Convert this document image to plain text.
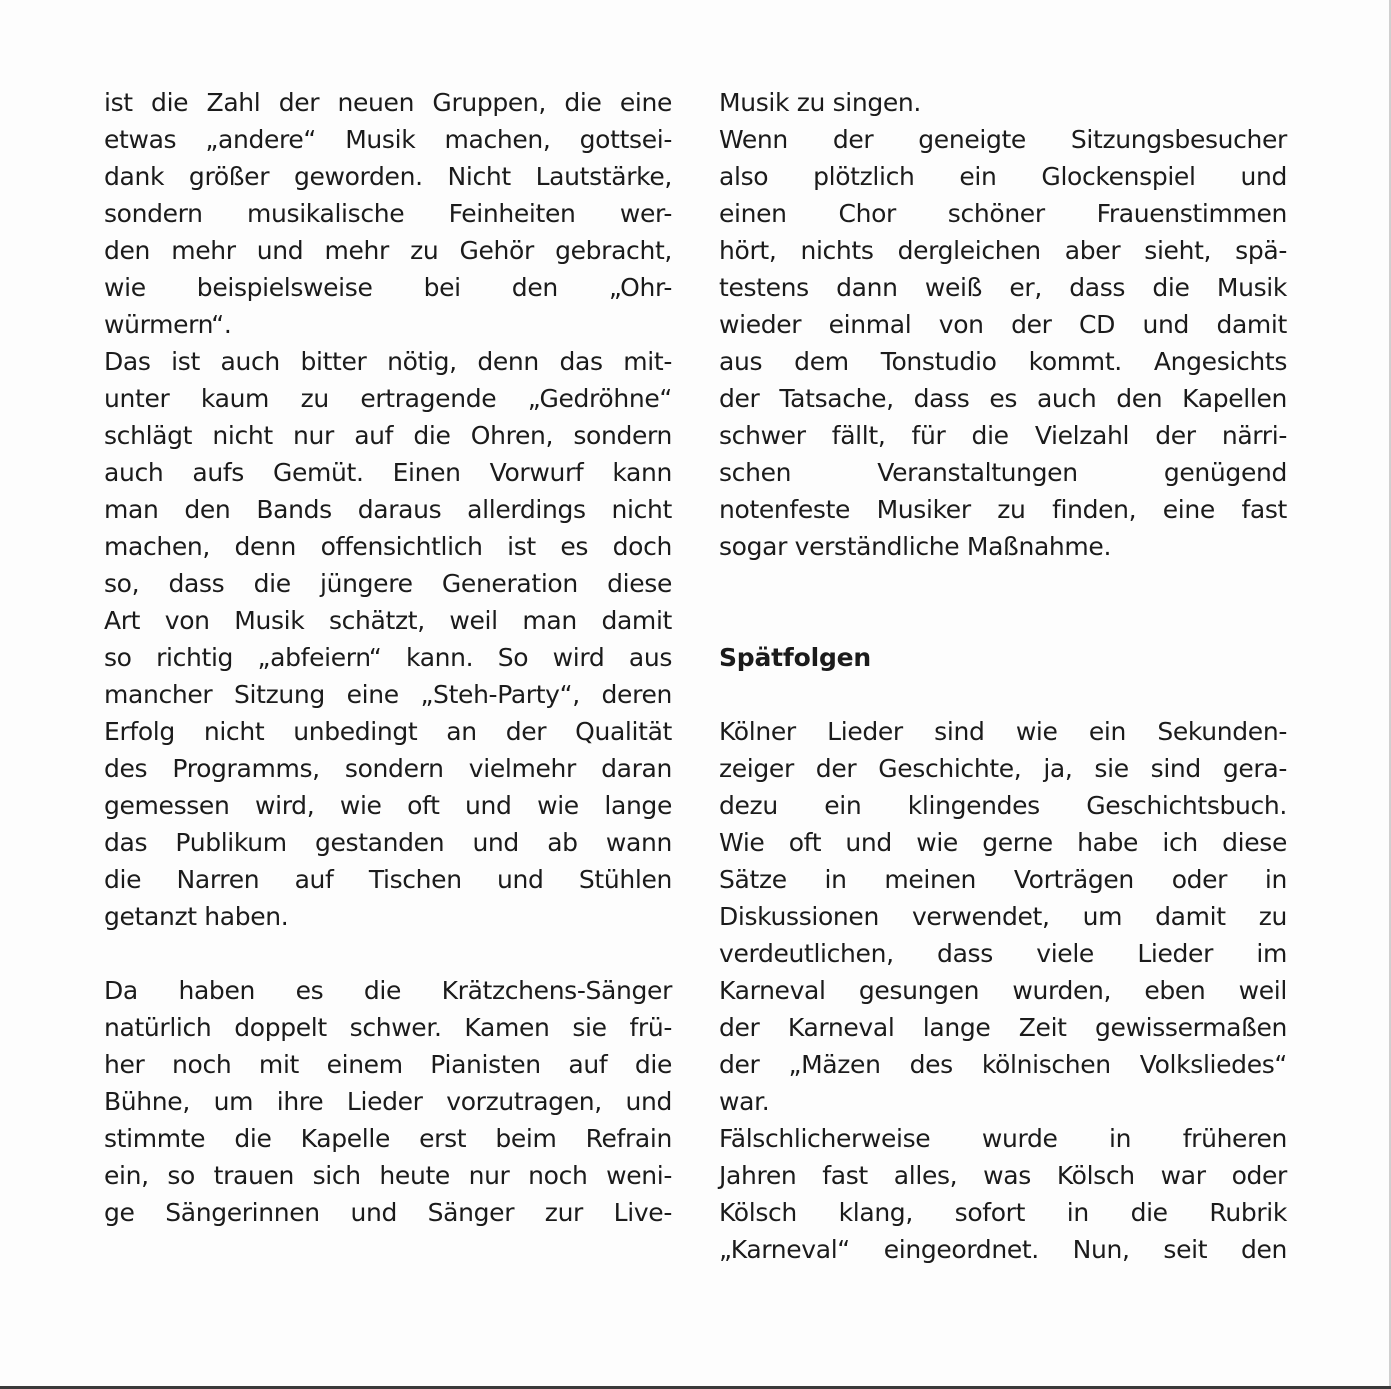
ist die Zahl der neuen Gruppen, die eine

etwas „andere“ Musik machen, gottsei-

dank größer geworden. Nicht Lautstärke,

sondern musikalische Feinheiten wer-

den mehr und mehr zu Gehör gebracht,

wie beispielsweise bei den „Ohr-

würmern“.

Das ist auch bitter nötig, denn das mit-

unter kaum zu ertragende „Gedröhne“

schlägt nicht nur auf die Ohren, sondern

auch aufs Gemüt. Einen Vorwurf kann

man den Bands daraus allerdings nicht

machen, denn offensichtlich ist es doch

so, dass die jüngere Generation diese

Art von Musik schätzt, weil man damit

so richtig „abfeiern“ kann. So wird aus

mancher Sitzung eine „Steh-Party“, deren

Erfolg nicht unbedingt an der Qualität

des Programms, sondern vielmehr daran

gemessen wird, wie oft und wie lange

das Publikum gestanden und ab wann

die Narren auf Tischen und Stühlen

getanzt haben.

Da haben es die Krätzchens-Sänger

natürlich doppelt schwer. Kamen sie frü-

her noch mit einem Pianisten auf die

Bühne, um ihre Lieder vorzutragen, und

stimmte die Kapelle erst beim Refrain

ein, so trauen sich heute nur noch weni-

ge Sängerinnen und Sänger zur Live-

Musik zu singen.

Wenn der geneigte Sitzungsbesucher

also plötzlich ein Glockenspiel und

einen Chor schöner Frauenstimmen

hört, nichts dergleichen aber sieht, spä-

testens dann weiß er, dass die Musik

wieder einmal von der CD und damit

aus dem Tonstudio kommt. Angesichts

der Tatsache, dass es auch den Kapellen

schwer fällt, für die Vielzahl der närri-

schen Veranstaltungen genügend

notenfeste Musiker zu finden, eine fast

sogar verständliche Maßnahme.

Spätfolgen

Kölner Lieder sind wie ein Sekunden-

zeiger der Geschichte, ja, sie sind gera-

dezu ein klingendes Geschichtsbuch.

Wie oft und wie gerne habe ich diese

Sätze in meinen Vorträgen oder in

Diskussionen verwendet, um damit zu

verdeutlichen, dass viele Lieder im

Karneval gesungen wurden, eben weil

der Karneval lange Zeit gewissermaßen

der „Mäzen des kölnischen Volksliedes“

war.

Fälschlicherweise wurde in früheren

Jahren fast alles, was Kölsch war oder

Kölsch klang, sofort in die Rubrik

„Karneval“ eingeordnet. Nun, seit den
